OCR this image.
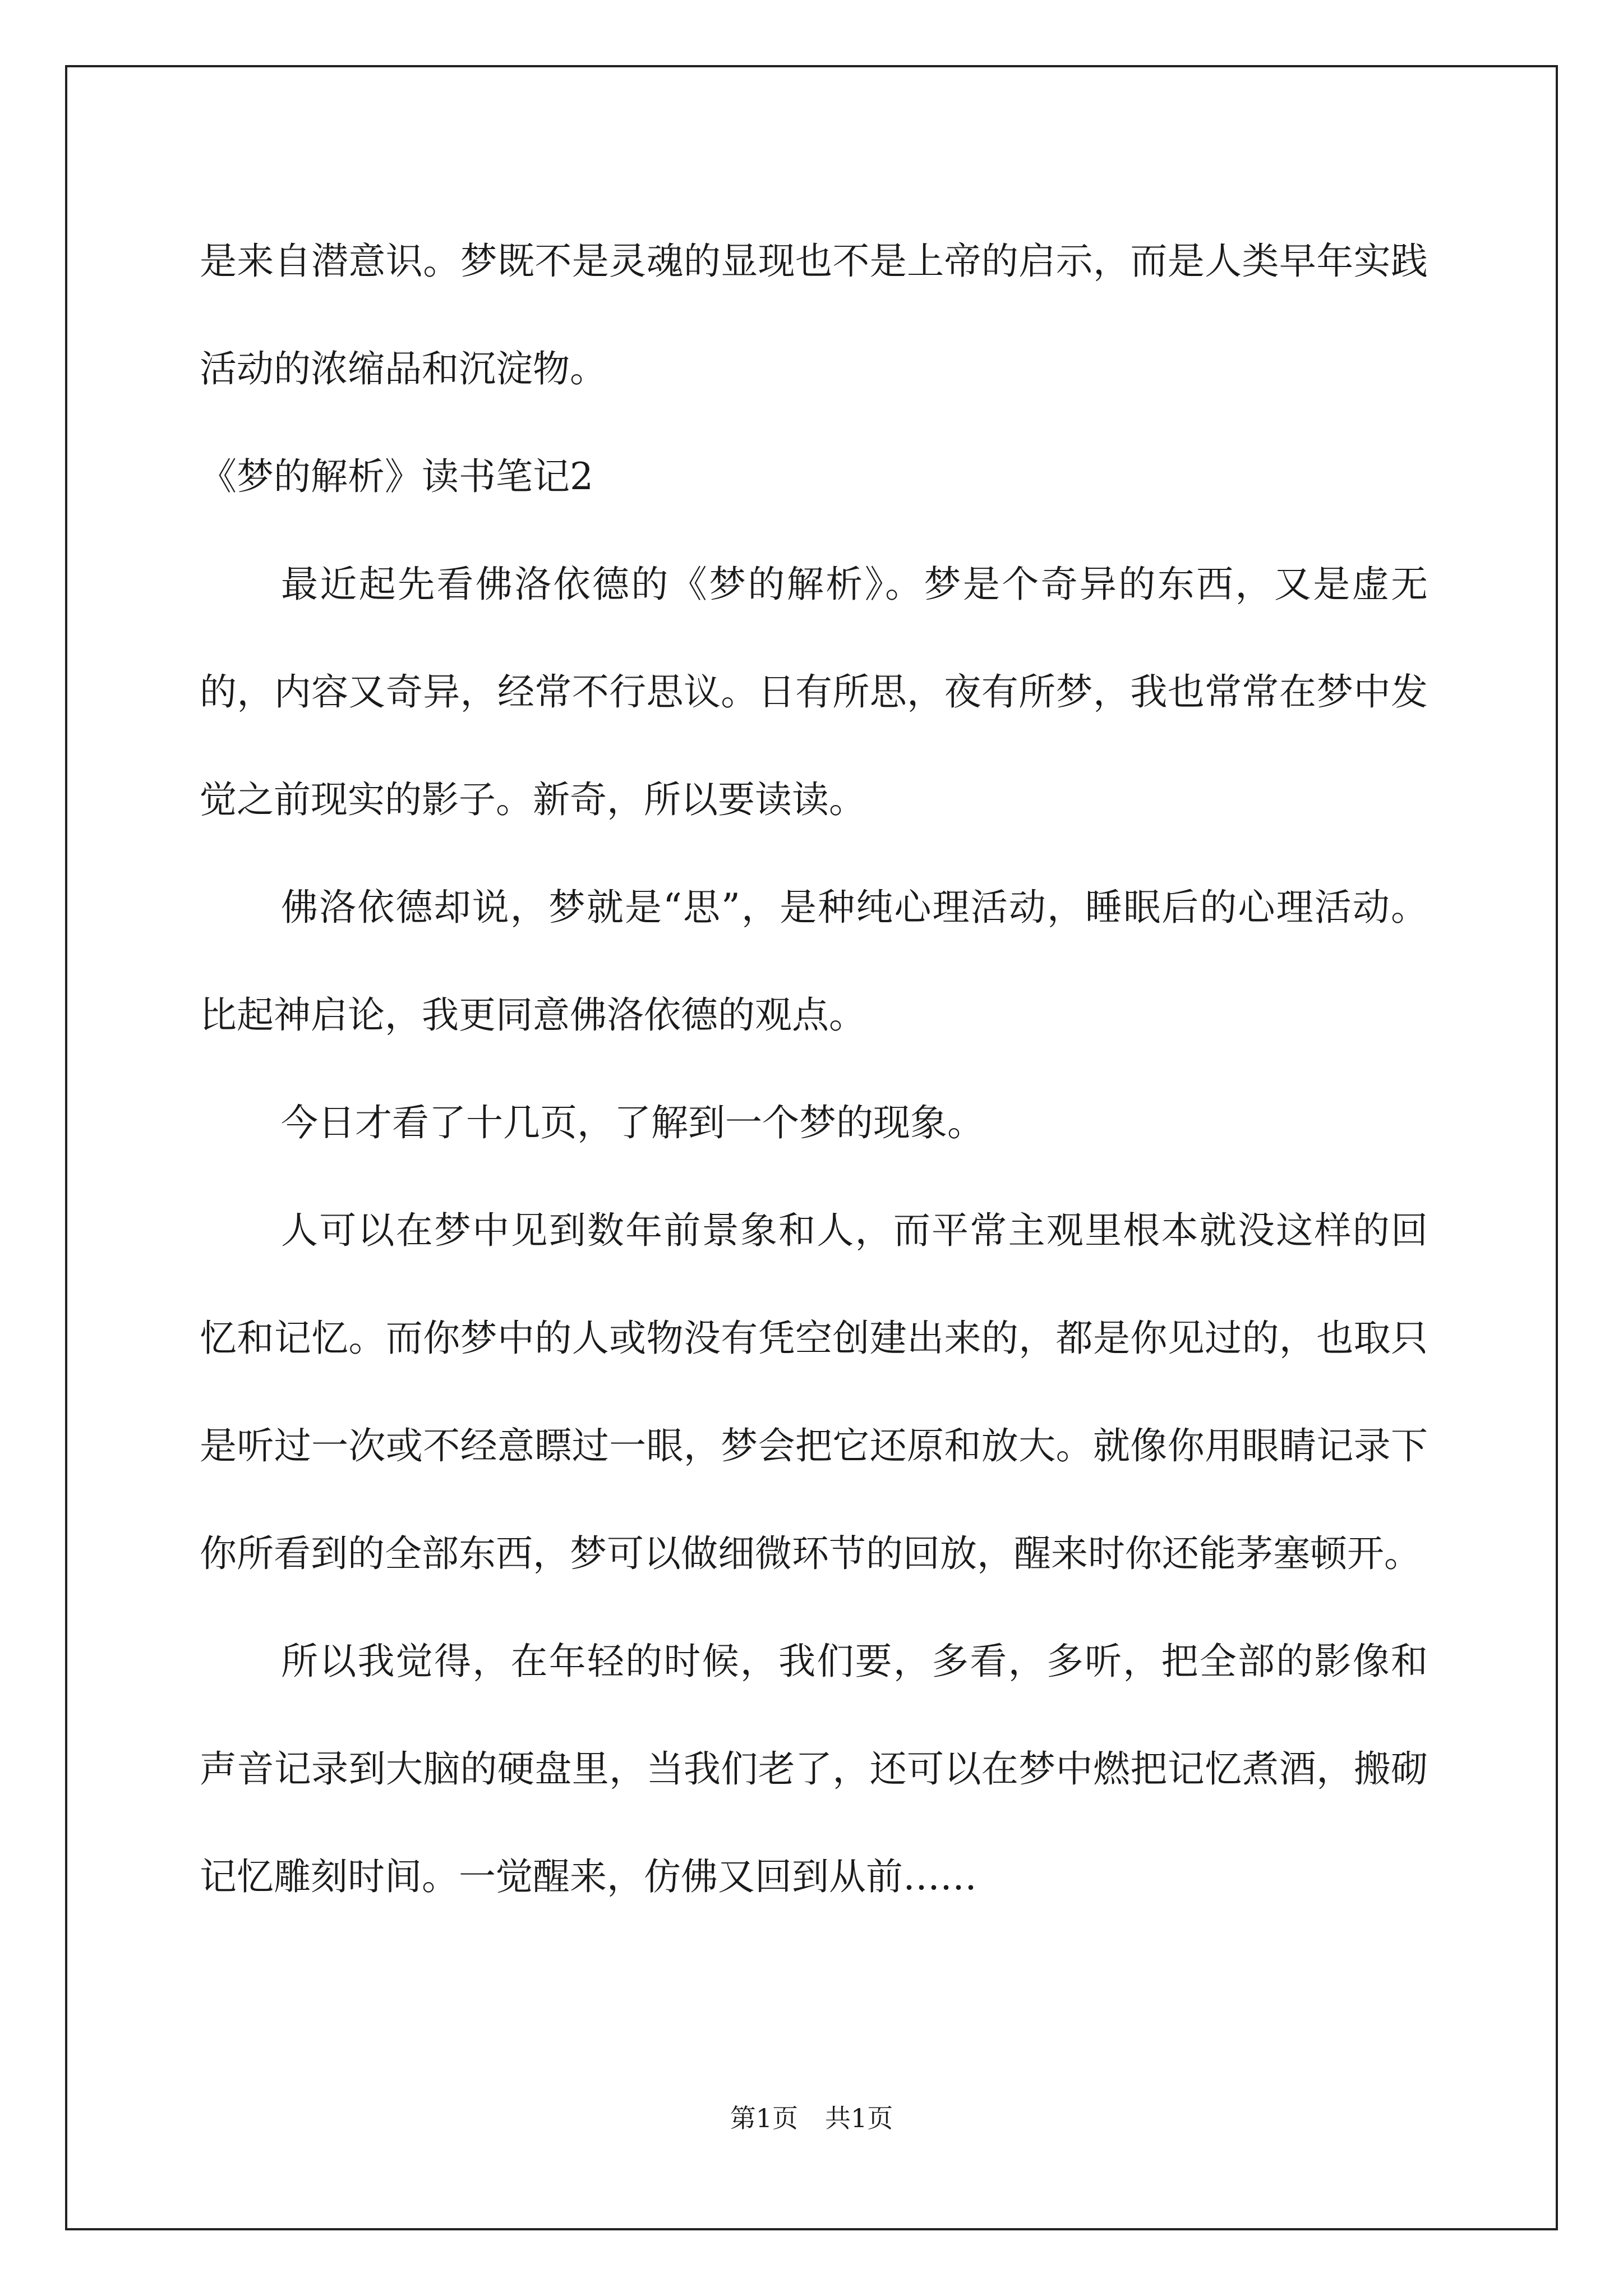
是来自潜意识。梦既不是灵魂的显现也不是上帝的启示，而是人类早年实践活动的浓缩品和沉淀物。

《梦的解析》读书笔记2

最近起先看佛洛依德的《梦的解析》。梦是个奇异的东西，又是虚无的，内容又奇异，经常不行思议。日有所思，夜有所梦，我也常常在梦中发觉之前现实的影子。新奇，所以要读读。

佛洛依德却说，梦就是“思”，是种纯心理活动，睡眠后的心理活动。比起神启论，我更同意佛洛依德的观点。

今日才看了十几页，了解到一个梦的现象。

人可以在梦中见到数年前景象和人，而平常主观里根本就没这样的回忆和记忆。而你梦中的人或物没有凭空创建出来的，都是你见过的，也取只是听过一次或不经意瞟过一眼，梦会把它还原和放大。就像你用眼睛记录下你所看到的全部东西，梦可以做细微环节的回放，醒来时你还能茅塞顿开。

所以我觉得，在年轻的时候，我们要，多看，多听，把全部的影像和声音记录到大脑的硬盘里，当我们老了，还可以在梦中燃把记忆煮酒，搬砌记忆雕刻时间。一觉醒来，仿佛又回到从前……

第1页 共1页
